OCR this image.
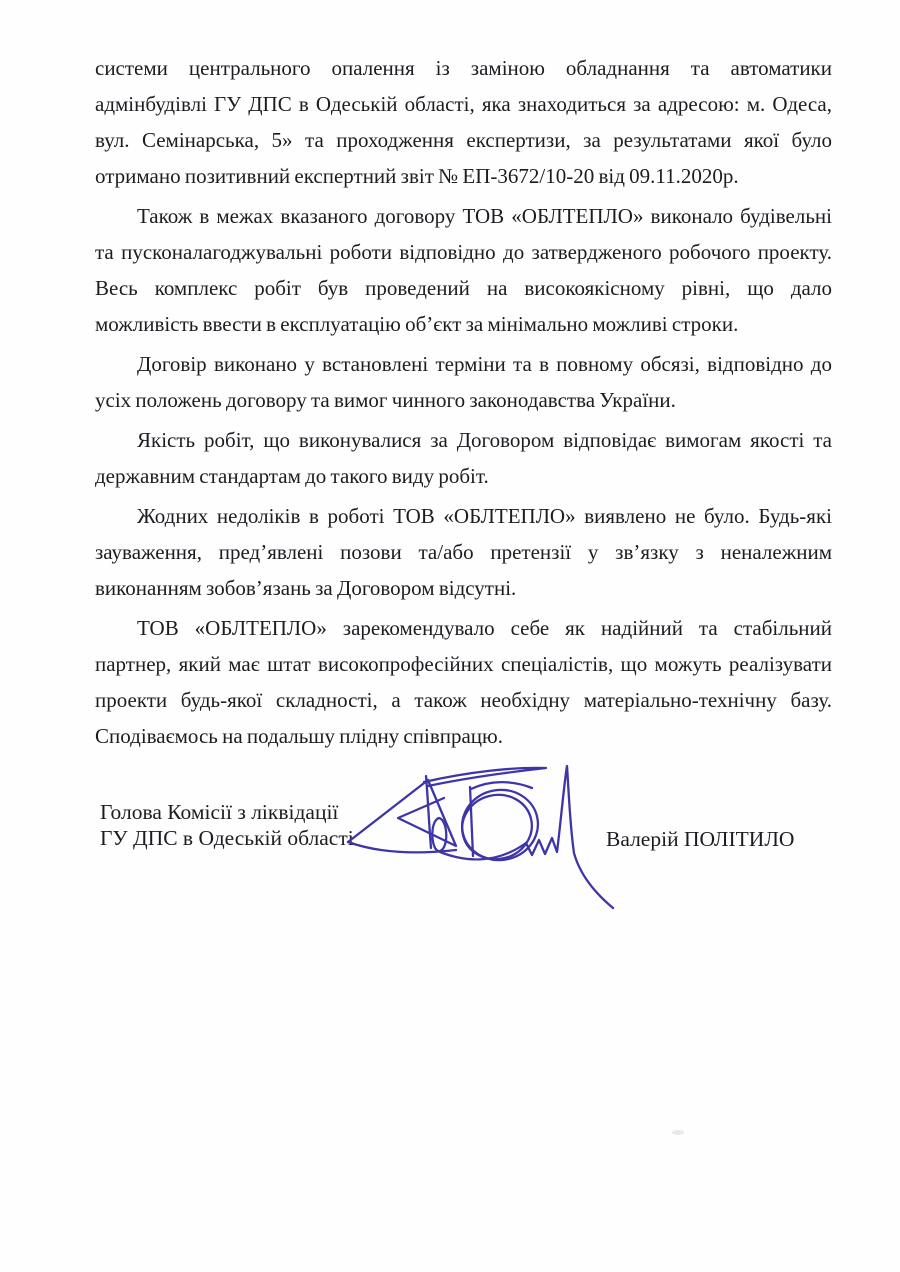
системи центрального опалення із заміною обладнання та автоматики
адмінбудівлі ГУ ДПС в Одеській області, яка знаходиться за адресою: м. Одеса,
вул. Семінарська, 5» та проходження експертизи, за результатами якої було
отримано позитивний експертний звіт № ЕП-3672/10-20 від 09.11.2020р.
Також в межах вказаного договору ТОВ «ОБЛТЕПЛО» виконало будівельні
та пусконалагоджувальні роботи відповідно до затвердженого робочого проекту.
Весь комплекс робіт був проведений на високоякісному рівні, що дало
можливість ввести в експлуатацію об’єкт за мінімально можливі строки.
Договір виконано у встановлені терміни та в повному обсязі, відповідно до
усіх положень договору та вимог чинного законодавства України.
Якість робіт, що виконувалися за Договором відповідає вимогам якості та
державним стандартам до такого виду робіт.
Жодних недоліків в роботі ТОВ «ОБЛТЕПЛО» виявлено не було. Будь-які
зауваження, пред’явлені позови та/або претензії у зв’язку з неналежним
виконанням зобов’язань за Договором відсутні.
ТОВ «ОБЛТЕПЛО» зарекомендувало себе як надійний та стабільний
партнер, який має штат високопрофесійних спеціалістів, що можуть реалізувати
проекти будь-якої складності, а також необхідну матеріально-технічну базу.
Сподіваємось на подальшу плідну співпрацю.
Голова Комісії з ліквідації
ГУ ДПС в Одеській області	Валерій ПОЛІТИЛО
